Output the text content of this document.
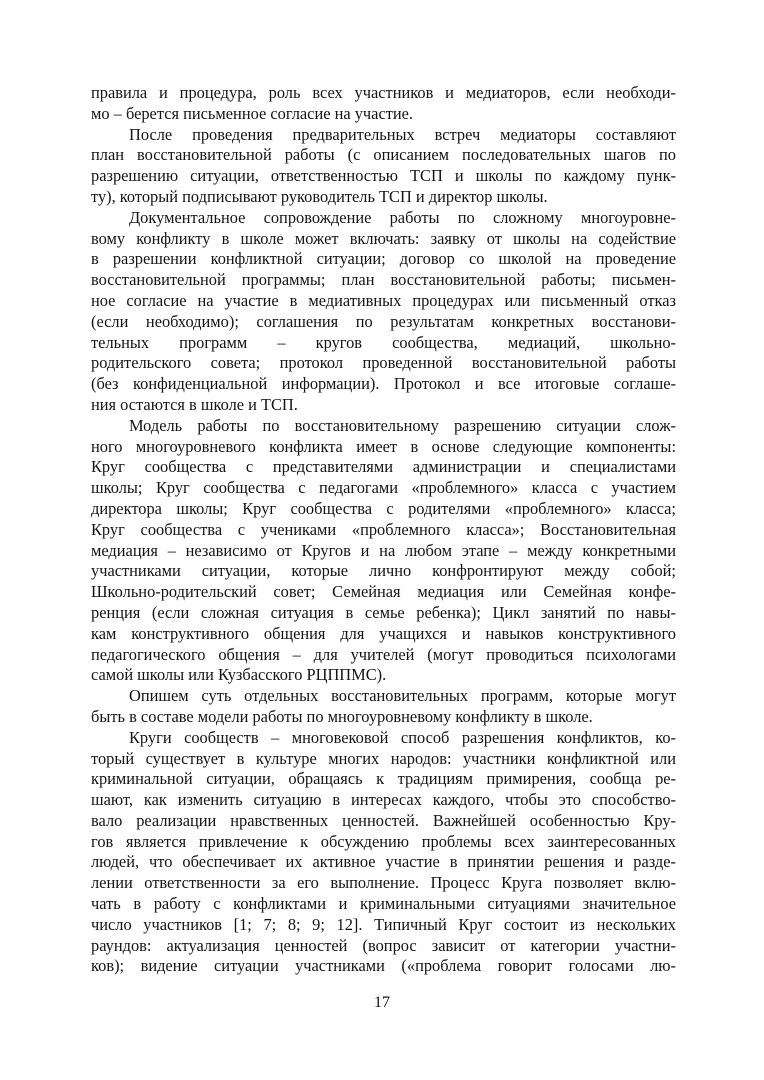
правила и процедура, роль всех участников и медиаторов, если необходи-
мо – берется письменное согласие на участие.
После проведения предварительных встреч медиаторы составляют
план восстановительной работы (с описанием последовательных шагов по
разрешению ситуации, ответственностью ТСП и школы по каждому пунк-
ту), который подписывают руководитель ТСП и директор школы.
Документальное сопровождение работы по сложному многоуровне-
вому конфликту в школе может включать: заявку от школы на содействие
в разрешении конфликтной ситуации; договор со школой на проведение
восстановительной программы; план восстановительной работы; письмен-
ное согласие на участие в медиативных процедурах или письменный отказ
(если необходимо); соглашения по результатам конкретных восстанови-
тельных программ – кругов сообщества, медиаций, школьно-
родительского совета; протокол проведенной восстановительной работы
(без конфиденциальной информации). Протокол и все итоговые соглаше-
ния остаются в школе и ТСП.
Модель работы по восстановительному разрешению ситуации слож-
ного многоуровневого конфликта имеет в основе следующие компоненты:
Круг сообщества с представителями администрации и специалистами
школы; Круг сообщества с педагогами «проблемного» класса с участием
директора школы; Круг сообщества с родителями «проблемного» класса;
Круг сообщества с учениками «проблемного класса»; Восстановительная
медиация – независимо от Кругов и на любом этапе – между конкретными
участниками ситуации, которые лично конфронтируют между собой;
Школьно-родительский совет; Семейная медиация или Семейная конфе-
ренция (если сложная ситуация в семье ребенка); Цикл занятий по навы-
кам конструктивного общения для учащихся и навыков конструктивного
педагогического общения – для учителей (могут проводиться психологами
самой школы или Кузбасского РЦППМС).
Опишем суть отдельных восстановительных программ, которые могут
быть в составе модели работы по многоуровневому конфликту в школе.
Круги сообществ – многовековой способ разрешения конфликтов, ко-
торый существует в культуре многих народов: участники конфликтной или
криминальной ситуации, обращаясь к традициям примирения, сообща ре-
шают, как изменить ситуацию в интересах каждого, чтобы это способство-
вало реализации нравственных ценностей. Важнейшей особенностью Кру-
гов является привлечение к обсуждению проблемы всех заинтересованных
людей, что обеспечивает их активное участие в принятии решения и разде-
лении ответственности за его выполнение. Процесс Круга позволяет вклю-
чать в работу с конфликтами и криминальными ситуациями значительное
число участников [1; 7; 8; 9; 12]. Типичный Круг состоит из нескольких
раундов: актуализация ценностей (вопрос зависит от категории участни-
ков); видение ситуации участниками («проблема говорит голосами лю-
17
